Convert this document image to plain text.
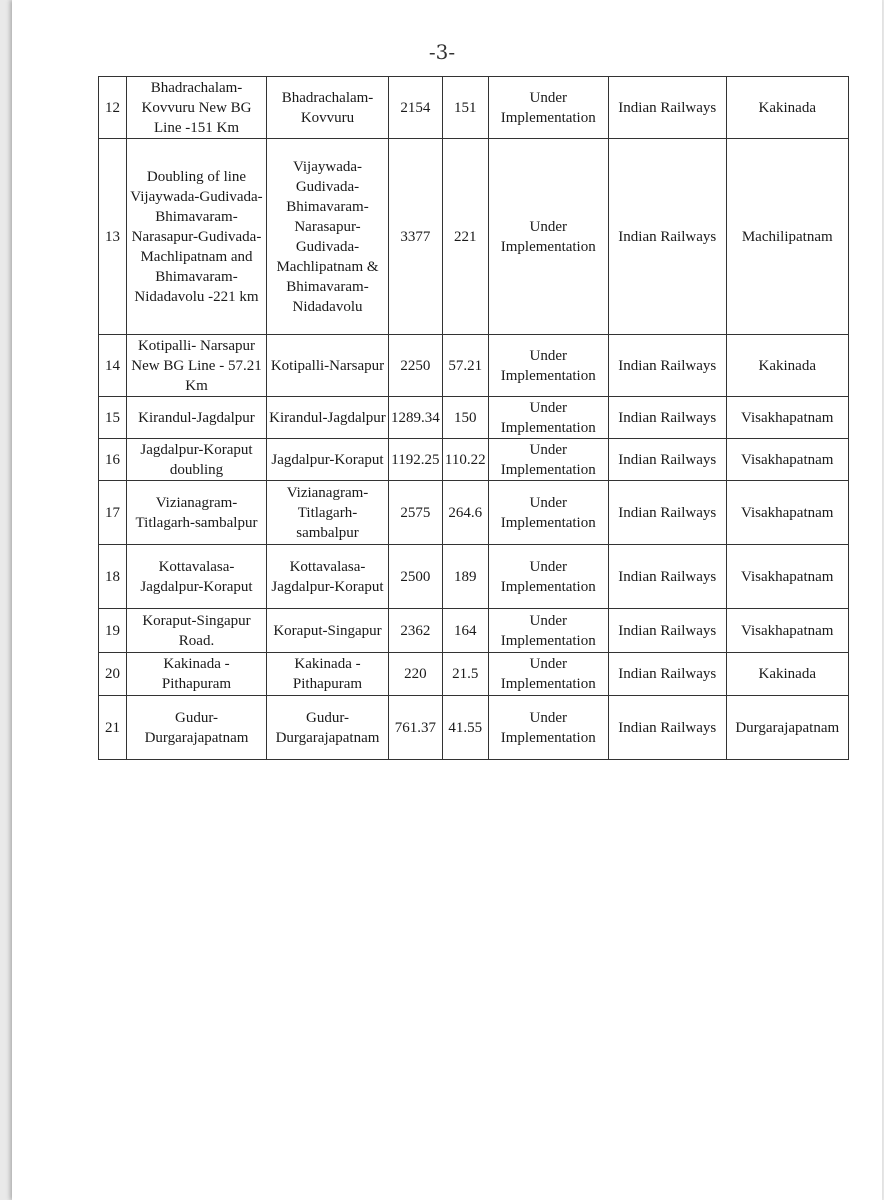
-3-
12	Bhadrachalam-Kovvuru New BG Line -151 Km	Bhadrachalam-Kovvuru	2154	151	Under Implementation	Indian Railways	Kakinada
13	Doubling of line Vijaywada-Gudivada-Bhimavaram-Narasapur-Gudivada-Machlipatnam and Bhimavaram-Nidadavolu -221 km	Vijaywada-Gudivada-Bhimavaram-Narasapur-Gudivada-Machlipatnam & Bhimavaram-Nidadavolu	3377	221	Under Implementation	Indian Railways	Machilipatnam
14	Kotipalli- Narsapur New BG Line - 57.21 Km	Kotipalli-Narsapur	2250	57.21	Under Implementation	Indian Railways	Kakinada
15	Kirandul-Jagdalpur	Kirandul-Jagdalpur	1289.34	150	Under Implementation	Indian Railways	Visakhapatnam
16	Jagdalpur-Koraput doubling	Jagdalpur-Koraput	1192.25	110.22	Under Implementation	Indian Railways	Visakhapatnam
17	Vizianagram-Titlagarh-sambalpur	Vizianagram-Titlagarh-sambalpur	2575	264.6	Under Implementation	Indian Railways	Visakhapatnam
18	Kottavalasa-Jagdalpur-Koraput	Kottavalasa-Jagdalpur-Koraput	2500	189	Under Implementation	Indian Railways	Visakhapatnam
19	Koraput-Singapur Road.	Koraput-Singapur	2362	164	Under Implementation	Indian Railways	Visakhapatnam
20	Kakinada - Pithapuram	Kakinada - Pithapuram	220	21.5	Under Implementation	Indian Railways	Kakinada
21	Gudur-Durgarajapatnam	Gudur-Durgarajapatnam	761.37	41.55	Under Implementation	Indian Railways	Durgarajapatnam
